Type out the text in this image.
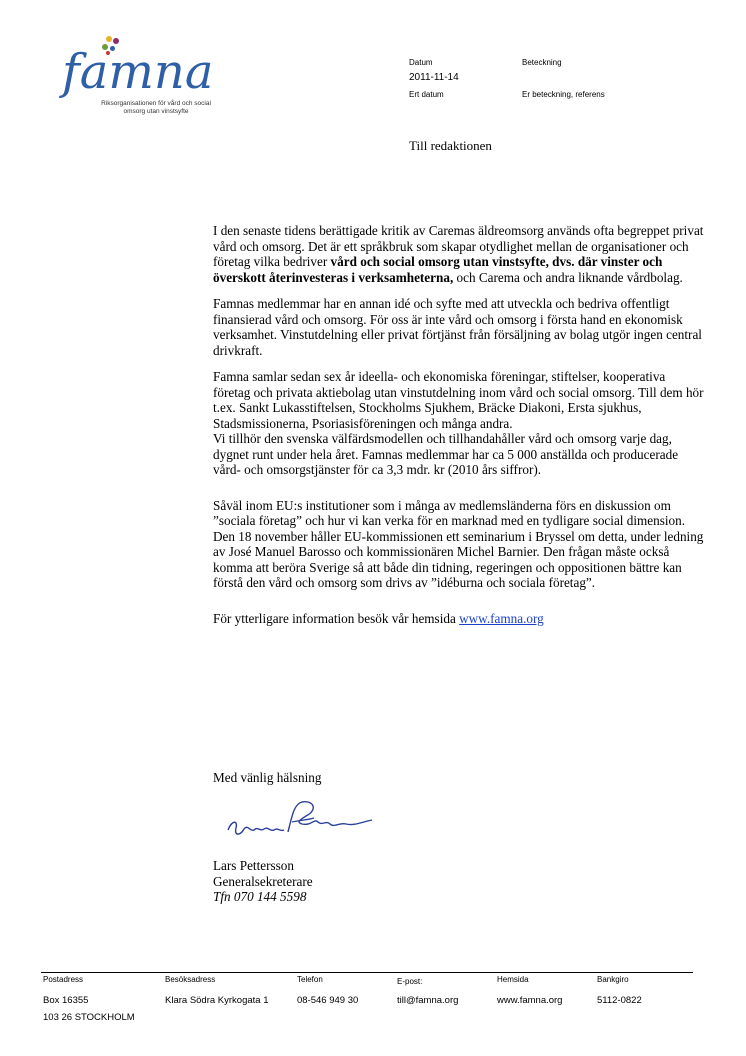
famna
Riksorganisationen för vård och social omsorg utan vinstsyfte
Datum
2011-11-14
Ert datum
Beteckning
Er beteckning, referens
Till redaktionen

I den senaste tidens berättigade kritik av Caremas äldreomsorg används ofta begreppet privat vård och omsorg. Det är ett språkbruk som skapar otydlighet mellan de organisationer och företag vilka bedriver vård och social omsorg utan vinstsyfte, dvs. där vinster och överskott återinvesteras i verksamheterna, och Carema och andra liknande vårdbolag.

Famnas medlemmar har en annan idé och syfte med att utveckla och bedriva offentligt finansierad vård och omsorg. För oss är inte vård och omsorg i första hand en ekonomisk verksamhet. Vinstutdelning eller privat förtjänst från försäljning av bolag utgör ingen central drivkraft.

Famna samlar sedan sex år ideella- och ekonomiska föreningar, stiftelser, kooperativa företag och privata aktiebolag utan vinstutdelning inom vård och social omsorg. Till dem hör t.ex. Sankt Lukasstiftelsen, Stockholms Sjukhem, Bräcke Diakoni, Ersta sjukhus, Stadsmissionerna, Psoriasisföreningen och många andra.

Vi tillhör den svenska välfärdsmodellen och tillhandahåller vård och omsorg varje dag, dygnet runt under hela året. Famnas medlemmar har ca 5 000 anställda och producerade vård- och omsorgstjänster för ca 3,3 mdr. kr (2010 års siffror).

Såväl inom EU:s institutioner som i många av medlemsländerna förs en diskussion om ”sociala företag” och hur vi kan verka för en marknad med en tydligare social dimension. Den 18 november håller EU-kommissionen ett seminarium i Bryssel om detta, under ledning av José Manuel Barosso och kommissionären Michel Barnier. Den frågan måste också komma att beröra Sverige så att både din tidning, regeringen och oppositionen bättre kan förstå den vård och omsorg som drivs av ”idéburna och sociala företag”.

För ytterligare information besök vår hemsida www.famna.org

Med vänlig hälsning
Lars Pettersson
Generalsekreterare
Tfn 070 144 5598
Postadress
Box 16355
103 26 STOCKHOLM
Besöksadress
Klara Södra Kyrkogata 1
Telefon
08-546 949 30
E-post:
till@famna.org
Hemsida
www.famna.org
Bankgiro
5112-0822
